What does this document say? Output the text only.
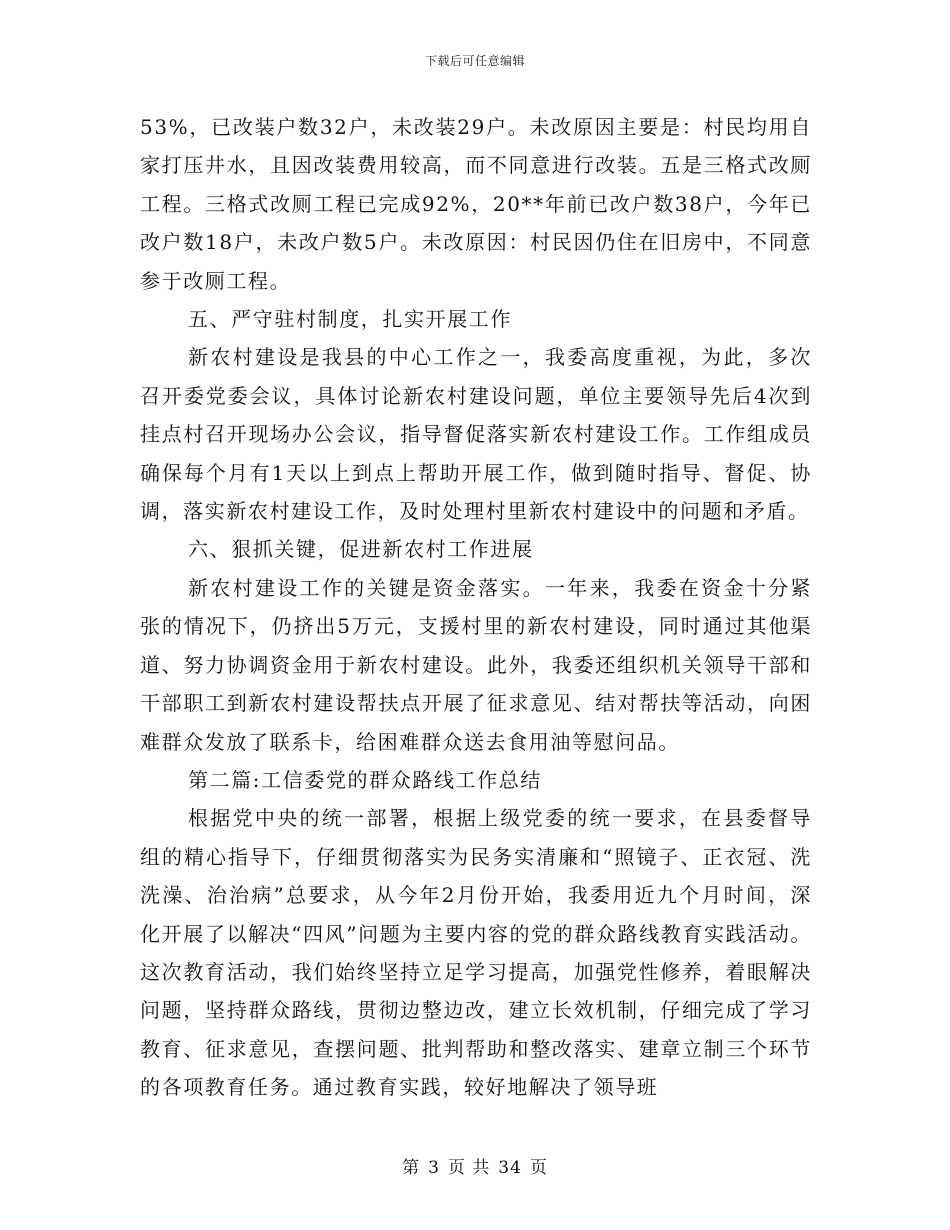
下载后可任意编辑

53%，已改装户数32户，未改装29户。未改原因主要是：村民均用自家打压井水，且因改装费用较高，而不同意进行改装。五是三格式改厕工程。三格式改厕工程已完成92%，20**年前已改户数38户，今年已改户数18户，未改户数5户。未改原因：村民因仍住在旧房中，不同意参于改厕工程。

五、严守驻村制度，扎实开展工作

新农村建设是我县的中心工作之一，我委高度重视，为此，多次召开委党委会议，具体讨论新农村建设问题，单位主要领导先后4次到挂点村召开现场办公会议，指导督促落实新农村建设工作。工作组成员确保每个月有1天以上到点上帮助开展工作，做到随时指导、督促、协调，落实新农村建设工作，及时处理村里新农村建设中的问题和矛盾。

六、狠抓关键，促进新农村工作进展

新农村建设工作的关键是资金落实。一年来，我委在资金十分紧张的情况下，仍挤出5万元，支援村里的新农村建设，同时通过其他渠道、努力协调资金用于新农村建设。此外，我委还组织机关领导干部和干部职工到新农村建设帮扶点开展了征求意见、结对帮扶等活动，向困难群众发放了联系卡，给困难群众送去食用油等慰问品。

第二篇:工信委党的群众路线工作总结

根据党中央的统一部署，根据上级党委的统一要求，在县委督导组的精心指导下，仔细贯彻落实为民务实清廉和“照镜子、正衣冠、洗洗澡、治治病”总要求，从今年2月份开始，我委用近九个月时间，深化开展了以解决“四风”问题为主要内容的党的群众路线教育实践活动。这次教育活动，我们始终坚持立足学习提高，加强党性修养，着眼解决问题，坚持群众路线，贯彻边整边改，建立长效机制，仔细完成了学习教育、征求意见，查摆问题、批判帮助和整改落实、建章立制三个环节的各项教育任务。通过教育实践，较好地解决了领导班

第 3 页 共 34 页
